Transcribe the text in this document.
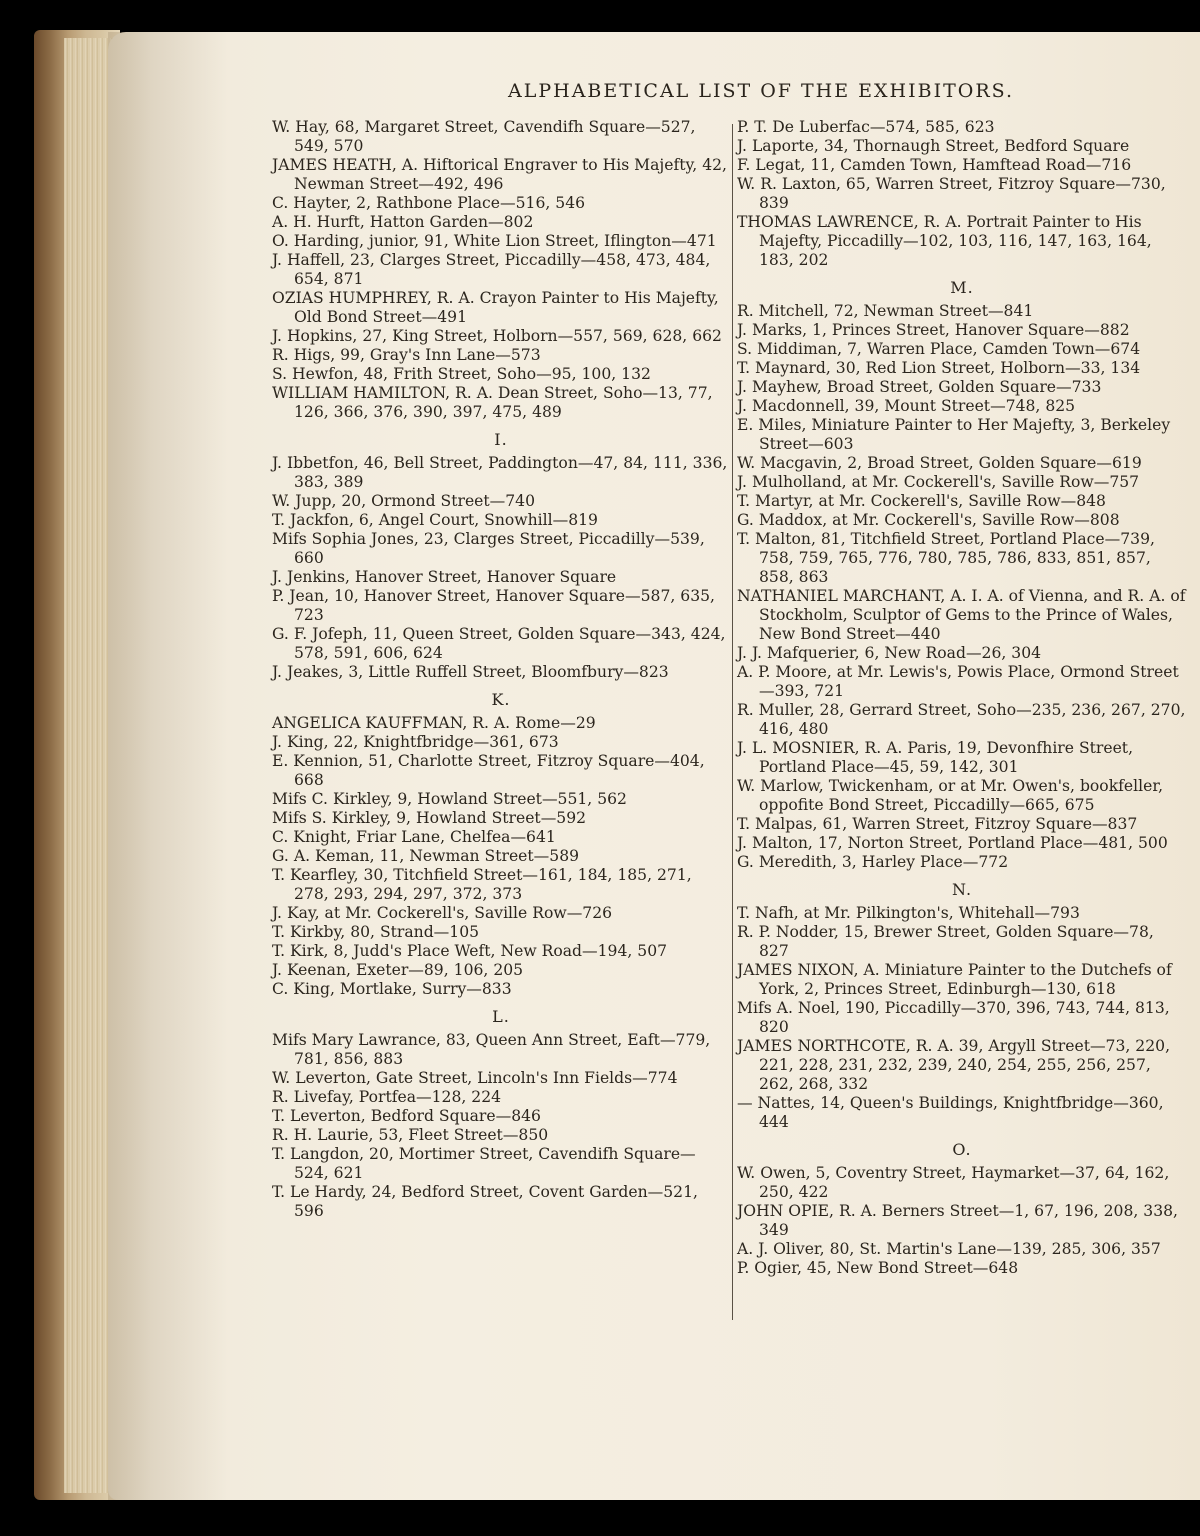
ALPHABETICAL LIST OF THE EXHIBITORS.

W. Hay, 68, Margaret Street, Cavendifh Square—527, 549, 570

JAMES HEATH, A. Hiftorical Engraver to His Majefty, 42, Newman Street—492, 496

C. Hayter, 2, Rathbone Place—516, 546

A. H. Hurft, Hatton Garden—802

O. Harding, junior, 91, White Lion Street, Iflington—471

J. Haffell, 23, Clarges Street, Piccadilly—458, 473, 484, 654, 871

OZIAS HUMPHREY, R. A. Crayon Painter to His Majefty, Old Bond Street—491

J. Hopkins, 27, King Street, Holborn—557, 569, 628, 662

R. Higs, 99, Gray's Inn Lane—573

S. Hewfon, 48, Frith Street, Soho—95, 100, 132

WILLIAM HAMILTON, R. A. Dean Street, Soho—13, 77, 126, 366, 376, 390, 397, 475, 489

I.

J. Ibbetfon, 46, Bell Street, Paddington—47, 84, 111, 336, 383, 389

W. Jupp, 20, Ormond Street—740

T. Jackfon, 6, Angel Court, Snowhill—819

Mifs Sophia Jones, 23, Clarges Street, Piccadilly—539, 660

J. Jenkins, Hanover Street, Hanover Square

P. Jean, 10, Hanover Street, Hanover Square—587, 635, 723

G. F. Jofeph, 11, Queen Street, Golden Square—343, 424, 578, 591, 606, 624

J. Jeakes, 3, Little Ruffell Street, Bloomfbury—823

K.

ANGELICA KAUFFMAN, R. A. Rome—29

J. King, 22, Knightfbridge—361, 673

E. Kennion, 51, Charlotte Street, Fitzroy Square—404, 668

Mifs C. Kirkley, 9, Howland Street—551, 562

Mifs S. Kirkley, 9, Howland Street—592

C. Knight, Friar Lane, Chelfea—641

G. A. Keman, 11, Newman Street—589

T. Kearfley, 30, Titchfield Street—161, 184, 185, 271, 278, 293, 294, 297, 372, 373

J. Kay, at Mr. Cockerell's, Saville Row—726

T. Kirkby, 80, Strand—105

T. Kirk, 8, Judd's Place Weft, New Road—194, 507

J. Keenan, Exeter—89, 106, 205

C. King, Mortlake, Surry—833

L.

Mifs Mary Lawrance, 83, Queen Ann Street, Eaft—779, 781, 856, 883

W. Leverton, Gate Street, Lincoln's Inn Fields—774

R. Livefay, Portfea—128, 224

T. Leverton, Bedford Square—846

R. H. Laurie, 53, Fleet Street—850

T. Langdon, 20, Mortimer Street, Cavendifh Square—524, 621

T. Le Hardy, 24, Bedford Street, Covent Garden—521, 596

P. T. De Luberfac—574, 585, 623

J. Laporte, 34, Thornaugh Street, Bedford Square

F. Legat, 11, Camden Town, Hamftead Road—716

W. R. Laxton, 65, Warren Street, Fitzroy Square—730, 839

THOMAS LAWRENCE, R. A. Portrait Painter to His Majefty, Piccadilly—102, 103, 116, 147, 163, 164, 183, 202

M.

R. Mitchell, 72, Newman Street—841

J. Marks, 1, Princes Street, Hanover Square—882

S. Middiman, 7, Warren Place, Camden Town—674

T. Maynard, 30, Red Lion Street, Holborn—33, 134

J. Mayhew, Broad Street, Golden Square—733

J. Macdonnell, 39, Mount Street—748, 825

E. Miles, Miniature Painter to Her Majefty, 3, Berkeley Street—603

W. Macgavin, 2, Broad Street, Golden Square—619

J. Mulholland, at Mr. Cockerell's, Saville Row—757

T. Martyr, at Mr. Cockerell's, Saville Row—848

G. Maddox, at Mr. Cockerell's, Saville Row—808

T. Malton, 81, Titchfield Street, Portland Place—739, 758, 759, 765, 776, 780, 785, 786, 833, 851, 857, 858, 863

NATHANIEL MARCHANT, A. I. A. of Vienna, and R. A. of Stockholm, Sculptor of Gems to the Prince of Wales, New Bond Street—440

J. J. Mafquerier, 6, New Road—26, 304

A. P. Moore, at Mr. Lewis's, Powis Place, Ormond Street—393, 721

R. Muller, 28, Gerrard Street, Soho—235, 236, 267, 270, 416, 480

J. L. MOSNIER, R. A. Paris, 19, Devonfhire Street, Portland Place—45, 59, 142, 301

W. Marlow, Twickenham, or at Mr. Owen's, bookfeller, oppofite Bond Street, Piccadilly—665, 675

T. Malpas, 61, Warren Street, Fitzroy Square—837

J. Malton, 17, Norton Street, Portland Place—481, 500

G. Meredith, 3, Harley Place—772

N.

T. Nafh, at Mr. Pilkington's, Whitehall—793

R. P. Nodder, 15, Brewer Street, Golden Square—78, 827

JAMES NIXON, A. Miniature Painter to the Dutchefs of York, 2, Princes Street, Edinburgh—130, 618

Mifs A. Noel, 190, Piccadilly—370, 396, 743, 744, 813, 820

JAMES NORTHCOTE, R. A. 39, Argyll Street—73, 220, 221, 228, 231, 232, 239, 240, 254, 255, 256, 257, 262, 268, 332

— Nattes, 14, Queen's Buildings, Knightfbridge—360, 444

O.

W. Owen, 5, Coventry Street, Haymarket—37, 64, 162, 250, 422

JOHN OPIE, R. A. Berners Street—1, 67, 196, 208, 338, 349

A. J. Oliver, 80, St. Martin's Lane—139, 285, 306, 357

P. Ogier, 45, New Bond Street—648
